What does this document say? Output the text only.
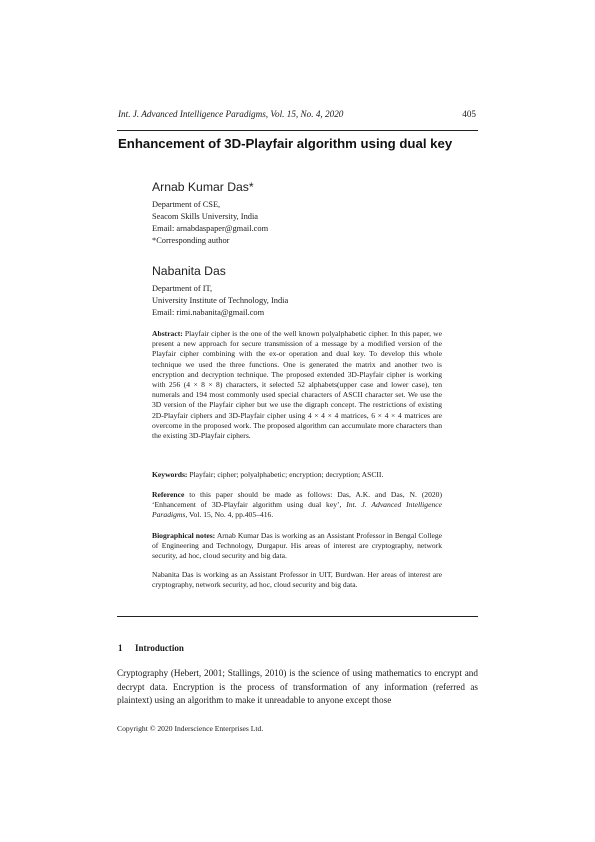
Int. J. Advanced Intelligence Paradigms, Vol. 15, No. 4, 2020	405
Enhancement of 3D-Playfair algorithm using dual key
Arnab Kumar Das*
Department of CSE,
Seacom Skills University, India
Email: arnabdaspaper@gmail.com
*Corresponding author
Nabanita Das
Department of IT,
University Institute of Technology, India
Email: rimi.nabanita@gmail.com

Abstract: Playfair cipher is the one of the well known polyalphabetic cipher. In this paper, we present a new approach for secure transmission of a message by a modified version of the Playfair cipher combining with the ex-or operation and dual key. To develop this whole technique we used the three functions. One is generated the matrix and another two is encryption and decryption technique. The proposed extended 3D-Playfair cipher is working with 256 (4 × 8 × 8) characters, it selected 52 alphabets(upper case and lower case), ten numerals and 194 most commonly used special characters of ASCII character set. We use the 3D version of the Playfair cipher but we use the digraph concept. The restrictions of existing 2D-Playfair ciphers and 3D-Playfair cipher using 4 × 4 × 4 matrices, 6 × 4 × 4 matrices are overcome in the proposed work. The proposed algorithm can accumulate more characters than the existing 3D-Playfair ciphers.

Keywords: Playfair; cipher; polyalphabetic; encryption; decryption; ASCII.

Reference to this paper should be made as follows: Das, A.K. and Das, N. (2020) ‘Enhancement of 3D-Playfair algorithm using dual key’, Int. J. Advanced Intelligence Paradigms, Vol. 15, No. 4, pp.405–416.

Biographical notes: Arnab Kumar Das is working as an Assistant Professor in Bengal College of Engineering and Technology, Durgapur. His areas of interest are cryptography, network security, ad hoc, cloud security and big data.

Nabanita Das is working as an Assistant Professor in UIT, Burdwan. Her areas of interest are cryptography, network security, ad hoc, cloud security and big data.

1 Introduction

Cryptography (Hebert, 2001; Stallings, 2010) is the science of using mathematics to encrypt and decrypt data. Encryption is the process of transformation of any information (referred as plaintext) using an algorithm to make it unreadable to anyone except those

Copyright © 2020 Inderscience Enterprises Ltd.
